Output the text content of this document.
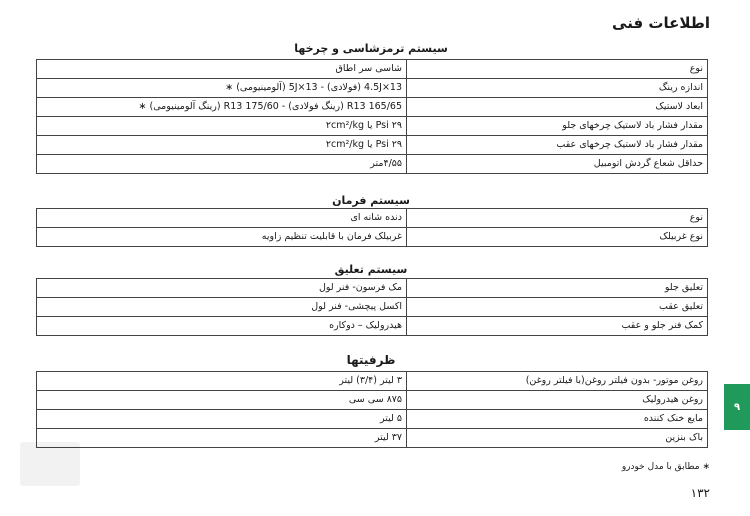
اطلاعات فنی
سیستم ترمزشاسی و چرخها
نوع	شاسی سر اطاق
اندازه رینگ	4.5J×13 (فولادی) - 5J×13 (آلومینیومی) ∗
ابعاد لاستیک	165/65 R13 (رینگ فولادی) - 175/60 R13 (رینگ آلومینیومی) ∗
مقدار فشار باد لاستیک چرخهای جلو	۲۹ Psi یا ۲cm²/kg
مقدار فشار باد لاستیک چرخهای عقب	۲۹ Psi یا ۲cm²/kg
حداقل شعاع گردش اتومبیل	۴/۵۵متر
سیستم فرمان
نوع	دنده شانه ای
نوع غربیلک	غربیلک فرمان با قابلیت تنظیم زاویه
سیستم تعلیق
تعلیق جلو	مک فرسون- فنر لول
تعلیق عقب	اکسل پیچشی- فنر لول
کمک فنر جلو و عقب	هیدرولیک – دوکاره
ظرفیتها
روغن موتور- بدون فیلتر روغن(با فیلتر روغن)	۳ لیتر (۳/۴) لیتر
روغن هیدرولیک	۸۷۵ سی سی
مایع خنک کننده	۵ لیتر
باک بنزین	۳۷ لیتر
۹
∗ مطابق با مدل خودرو
۱۳۲
